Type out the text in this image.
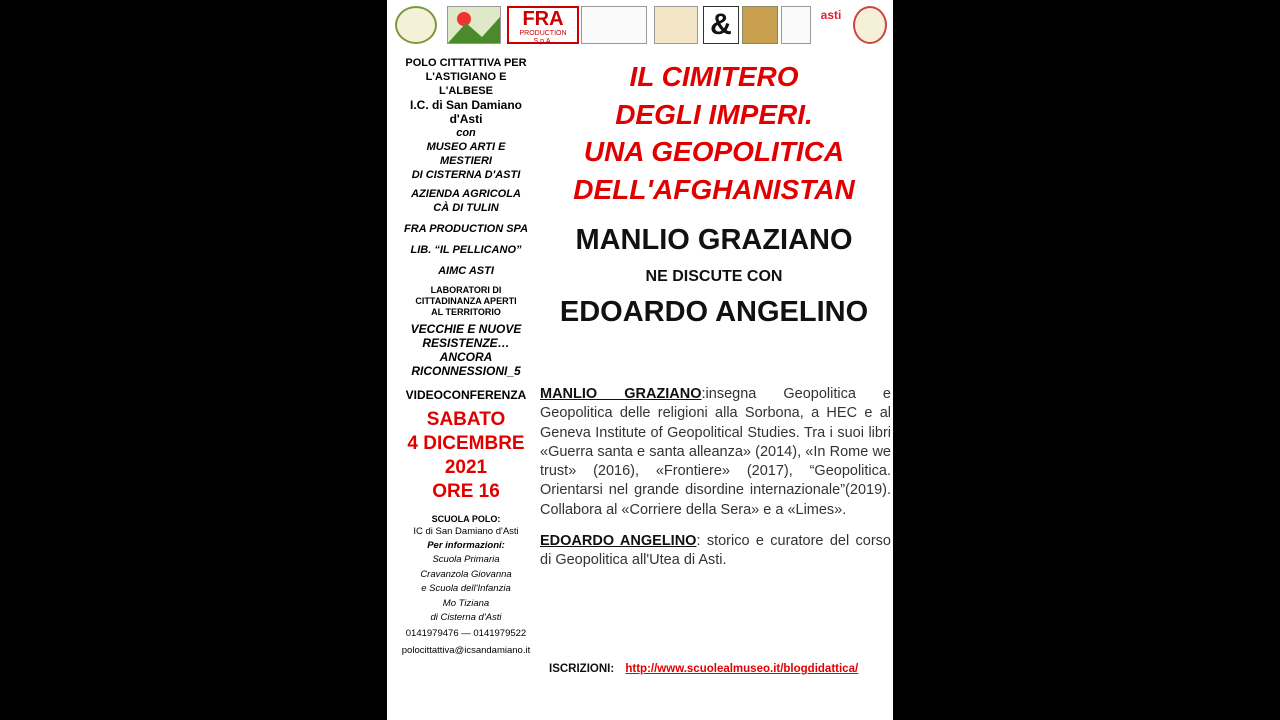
FRA
PRODUCTION S.p.A.
&	asti

POLO CITTATTIVA PER

L'ASTIGIANO E

L'ALBESE

I.C. di San Damiano

d'Asti

con

MUSEO ARTI E

MESTIERI

DI CISTERNA D'ASTI

AZIENDA AGRICOLA

CÀ DI TULIN

FRA PRODUCTION SPA

LIB. “IL PELLICANO”

AIMC ASTI

LABORATORI DI

CITTADINANZA APERTI

AL TERRITORIO

VECCHIE E NUOVE

RESISTENZE…

ANCORA

RICONNESSIONI_5

VIDEOCONFERENZA

SABATO

4 DICEMBRE

2021

ORE 16

SCUOLA POLO:

IC di San Damiano d'Asti

Per informazioni:

Scuola Primaria

Cravanzola Giovanna

e Scuola dell'Infanzia

Mo Tiziana

di Cisterna d'Asti

0141979476 — 0141979522

polocittattiva@icsandamiano.it

IL CIMITERO
DEGLI IMPERI.
UNA GEOPOLITICA
DELL'AFGHANISTAN
MANLIO GRAZIANO
NE DISCUTE CON
EDOARDO ANGELINO

MANLIO GRAZIANO:insegna Geopolitica e Geopolitica delle religioni alla Sorbona, a HEC e al Geneva Institute of Geopolitical Studies. Tra i suoi libri «Guerra santa e santa alleanza» (2014), «In Rome we trust» (2016), «Frontiere» (2017), “Geopolitica. Orientarsi nel grande disordine internazionale”(2019). Collabora al «Corriere della Sera» e a «Limes».

EDOARDO ANGELINO: storico e curatore del corso di Geopolitica all'Utea di Asti.

ISCRIZIONI: http://www.scuolealmuseo.it/blogdidattica/
